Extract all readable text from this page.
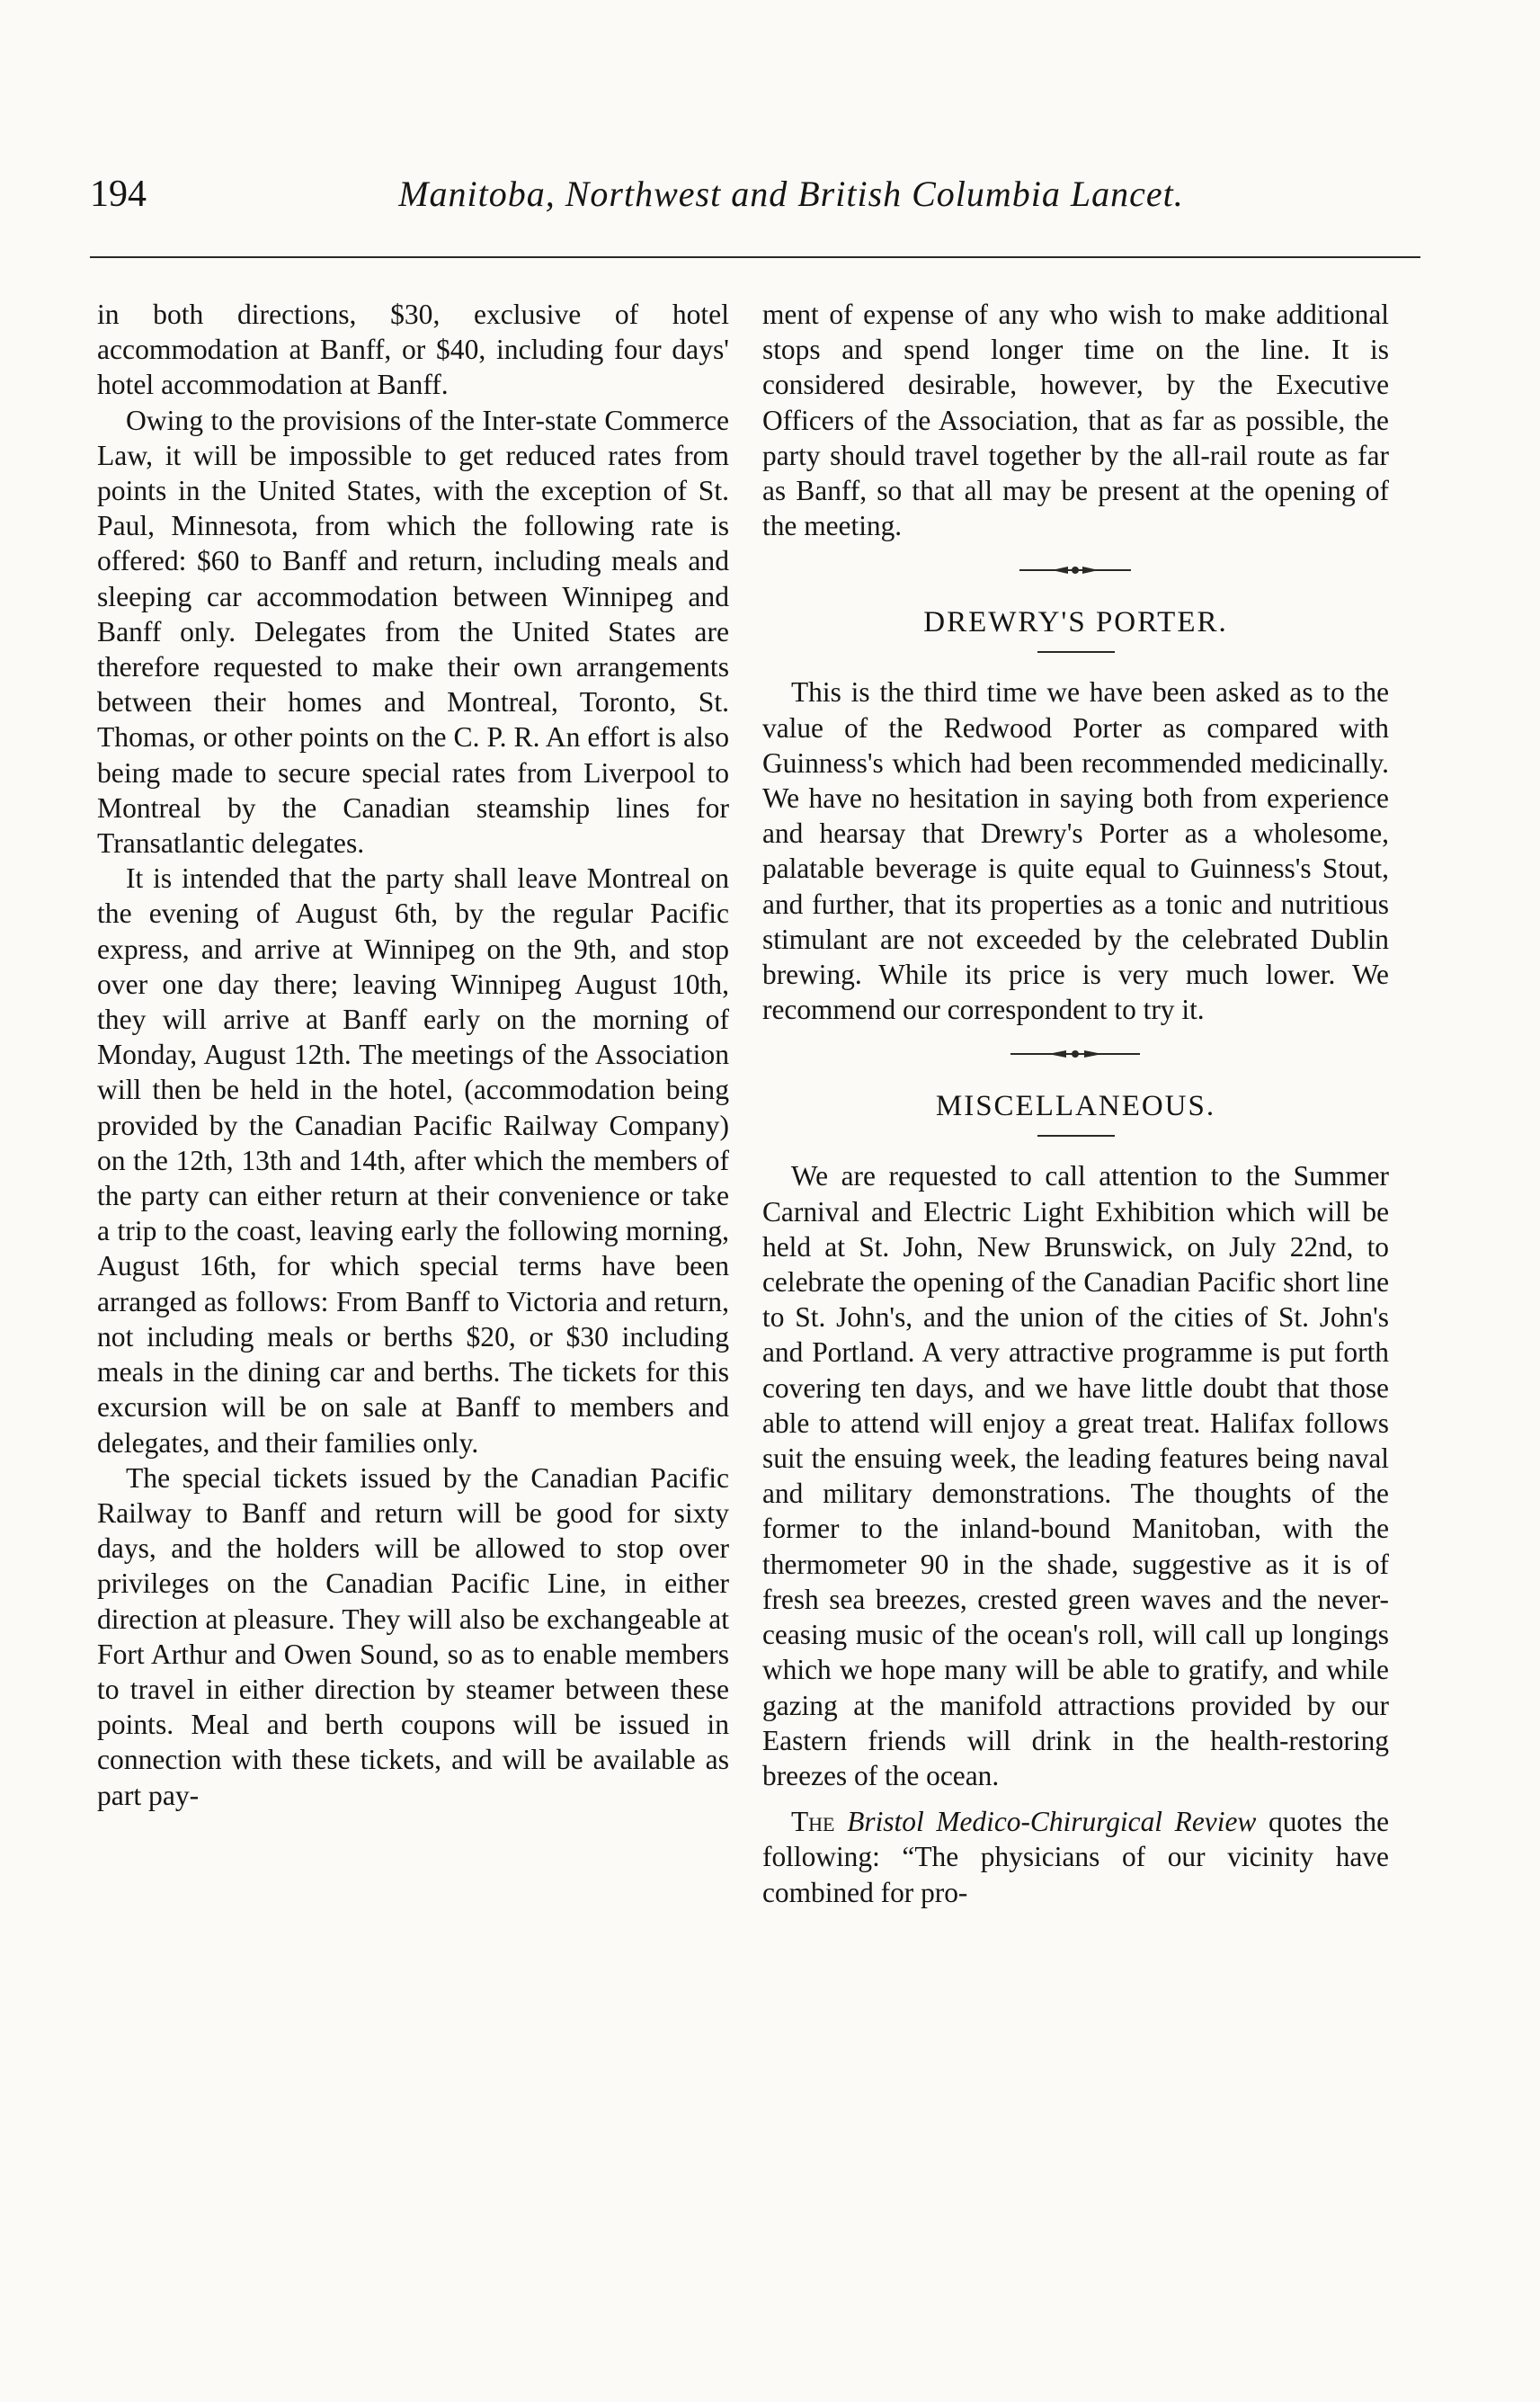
194	Manitoba, Northwest and British Columbia Lancet.

in both directions, $30, exclusive of hotel accommodation at Banff, or $40, including four days' hotel accommodation at Banff.

Owing to the provisions of the Inter-state Commerce Law, it will be impossible to get reduced rates from points in the United States, with the exception of St. Paul, Minnesota, from which the following rate is offered: $60 to Banff and return, including meals and sleeping car accommodation between Winnipeg and Banff only. Delegates from the United States are therefore requested to make their own arrangements between their homes and Montreal, Toronto, St. Thomas, or other points on the C. P. R. An effort is also being made to secure special rates from Liverpool to Montreal by the Canadian steamship lines for Transatlantic delegates.

It is intended that the party shall leave Montreal on the evening of August 6th, by the regular Pacific express, and arrive at Winnipeg on the 9th, and stop over one day there; leaving Winnipeg August 10th, they will arrive at Banff early on the morning of Monday, August 12th. The meetings of the Association will then be held in the hotel, (accommodation being provided by the Canadian Pacific Railway Company) on the 12th, 13th and 14th, after which the members of the party can either return at their convenience or take a trip to the coast, leaving early the following morning, August 16th, for which special terms have been arranged as follows: From Banff to Victoria and return, not including meals or berths $20, or $30 including meals in the dining car and berths. The tickets for this excursion will be on sale at Banff to members and delegates, and their families only.

The special tickets issued by the Canadian Pacific Railway to Banff and return will be good for sixty days, and the holders will be allowed to stop over privileges on the Canadian Pacific Line, in either direction at pleasure. They will also be exchangeable at Fort Arthur and Owen Sound, so as to enable members to travel in either direction by steamer between these points. Meal and berth coupons will be issued in connection with these tickets, and will be available as part pay-

ment of expense of any who wish to make additional stops and spend longer time on the line. It is considered desirable, however, by the Executive Officers of the Association, that as far as possible, the party should travel together by the all-rail route as far as Banff, so that all may be present at the opening of the meeting.

DREWRY'S PORTER.

This is the third time we have been asked as to the value of the Redwood Porter as compared with Guinness's which had been recommended medicinally. We have no hesitation in saying both from experience and hearsay that Drewry's Porter as a wholesome, palatable beverage is quite equal to Guinness's Stout, and further, that its properties as a tonic and nutritious stimulant are not exceeded by the celebrated Dublin brewing. While its price is very much lower. We recommend our correspondent to try it.

MISCELLANEOUS.

We are requested to call attention to the Summer Carnival and Electric Light Exhibition which will be held at St. John, New Brunswick, on July 22nd, to celebrate the opening of the Canadian Pacific short line to St. John's, and the union of the cities of St. John's and Portland. A very attractive programme is put forth covering ten days, and we have little doubt that those able to attend will enjoy a great treat. Halifax follows suit the ensuing week, the leading features being naval and military demonstrations. The thoughts of the former to the inland-bound Manitoban, with the thermometer 90 in the shade, suggestive as it is of fresh sea breezes, crested green waves and the never-ceasing music of the ocean's roll, will call up longings which we hope many will be able to gratify, and while gazing at the manifold attractions provided by our Eastern friends will drink in the health-restoring breezes of the ocean.

The Bristol Medico-Chirurgical Review quotes the following: “The physicians of our vicinity have combined for pro-
